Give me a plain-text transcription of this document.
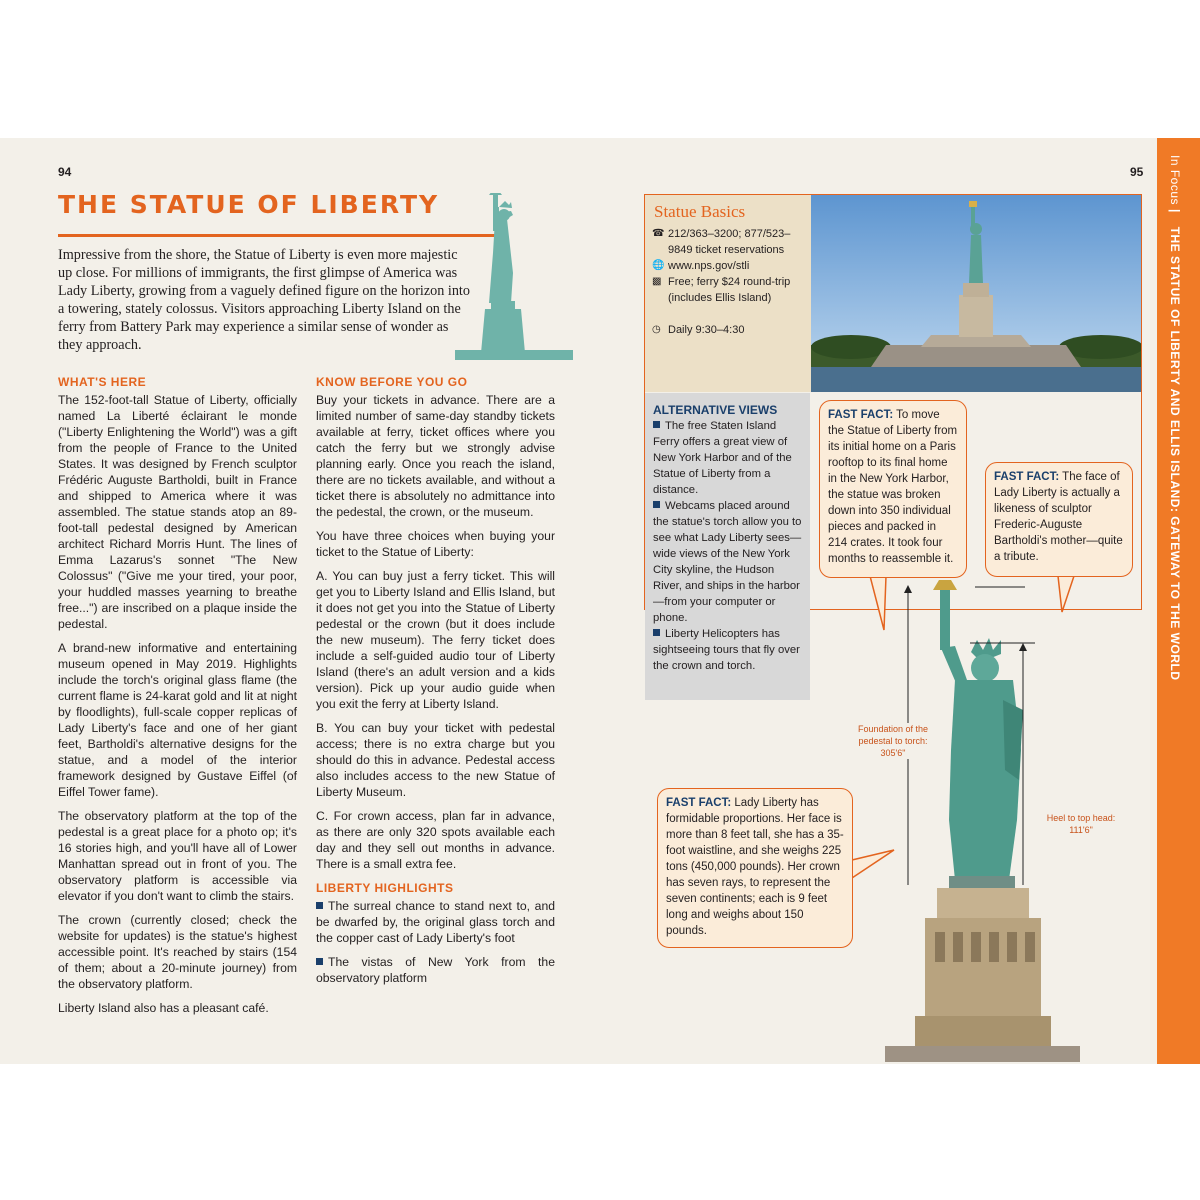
94
THE STATUE OF LIBERTY

Impressive from the shore, the Statue of Liberty is even more majestic up close. For millions of immigrants, the first glimpse of America was Lady Liberty, growing from a vaguely defined figure on the horizon into a towering, stately colossus. Visitors approaching Liberty Island on the ferry from Battery Park may experience a similar sense of wonder as they approach.

WHAT'S HERE

The 152-foot-tall Statue of Liberty, officially named La Liberté éclairant le monde ("Liberty Enlightening the World") was a gift from the people of France to the United States. It was designed by French sculptor Frédéric Auguste Bartholdi, built in France and shipped to America where it was assembled. The statue stands atop an 89-foot-tall pedestal designed by American architect Richard Morris Hunt. The lines of Emma Lazarus's sonnet "The New Colossus" ("Give me your tired, your poor, your huddled masses yearning to breathe free...") are inscribed on a plaque inside the pedestal.

A brand-new informative and entertaining museum opened in May 2019. Highlights include the torch's original glass flame (the current flame is 24-karat gold and lit at night by floodlights), full-scale copper replicas of Lady Liberty's face and one of her giant feet, Bartholdi's alternative designs for the statue, and a model of the interior framework designed by Gustave Eiffel (of Eiffel Tower fame).

The observatory platform at the top of the pedestal is a great place for a photo op; it's 16 stories high, and you'll have all of Lower Manhattan spread out in front of you. The observatory platform is accessible via elevator if you don't want to climb the stairs.

The crown (currently closed; check the website for updates) is the statue's highest accessible point. It's reached by stairs (154 of them; about a 20-minute journey) from the observatory platform.

Liberty Island also has a pleasant café.

KNOW BEFORE YOU GO

Buy your tickets in advance. There are a limited number of same-day standby tickets available at ferry, ticket offices where you catch the ferry but we strongly advise planning early. Once you reach the island, there are no tickets available, and without a ticket there is absolutely no admittance into the pedestal, the crown, or the museum.

You have three choices when buying your ticket to the Statue of Liberty:

A. You can buy just a ferry ticket. This will get you to Liberty Island and Ellis Island, but it does not get you into the Statue of Liberty pedestal or the crown (but it does include the new museum). The ferry ticket does include a self-guided audio tour of Liberty Island (there's an adult version and a kids version). Pick up your audio guide when you exit the ferry at Liberty Island.

B. You can buy your ticket with pedestal access; there is no extra charge but you should do this in advance. Pedestal access also includes access to the new Statue of Liberty Museum.

C. For crown access, plan far in advance, as there are only 320 spots available each day and they sell out months in advance. There is a small extra fee.

LIBERTY HIGHLIGHTS

The surreal chance to stand next to, and be dwarfed by, the original glass torch and the copper cast of Lady Liberty's foot

The vistas of New York from the observatory platform

95
Statue Basics
☎ 212/363–3200; 877/523–9849 ticket reservations
🌐 www.nps.gov/stli
▩ Free; ferry $24 round-trip (includes Ellis Island)
◷ Daily 9:30–4:30
ALTERNATIVE VIEWS
The free Staten Island Ferry offers a great view of New York Harbor and of the Statue of Liberty from a distance.
Webcams placed around the statue's torch allow you to see what Lady Liberty sees—wide views of the New York City skyline, the Hudson River, and ships in the harbor—from your computer or phone.
Liberty Helicopters has sightseeing tours that fly over the crown and torch.
Foundation of the pedestal to torch:
305'6"
Heel to top head:
111'6"
FAST FACT: To move the Statue of Liberty from its initial home on a Paris rooftop to its final home in the New York Harbor, the statue was broken down into 350 individual pieces and packed in 214 crates. It took four months to reassemble it.
FAST FACT: The face of Lady Liberty is actually a likeness of sculptor Frederic-Auguste Bartholdi's mother—quite a tribute.
FAST FACT: Lady Liberty has formidable proportions. Her face is more than 8 feet tall, she has a 35-foot waistline, and she weighs 225 tons (450,000 pounds). Her crown has seven rays, to represent the seven continents; each is 9 feet long and weighs about 150 pounds.
In Focus | THE STATUE OF LIBERTY AND ELLIS ISLAND: GATEWAY TO THE WORLD
